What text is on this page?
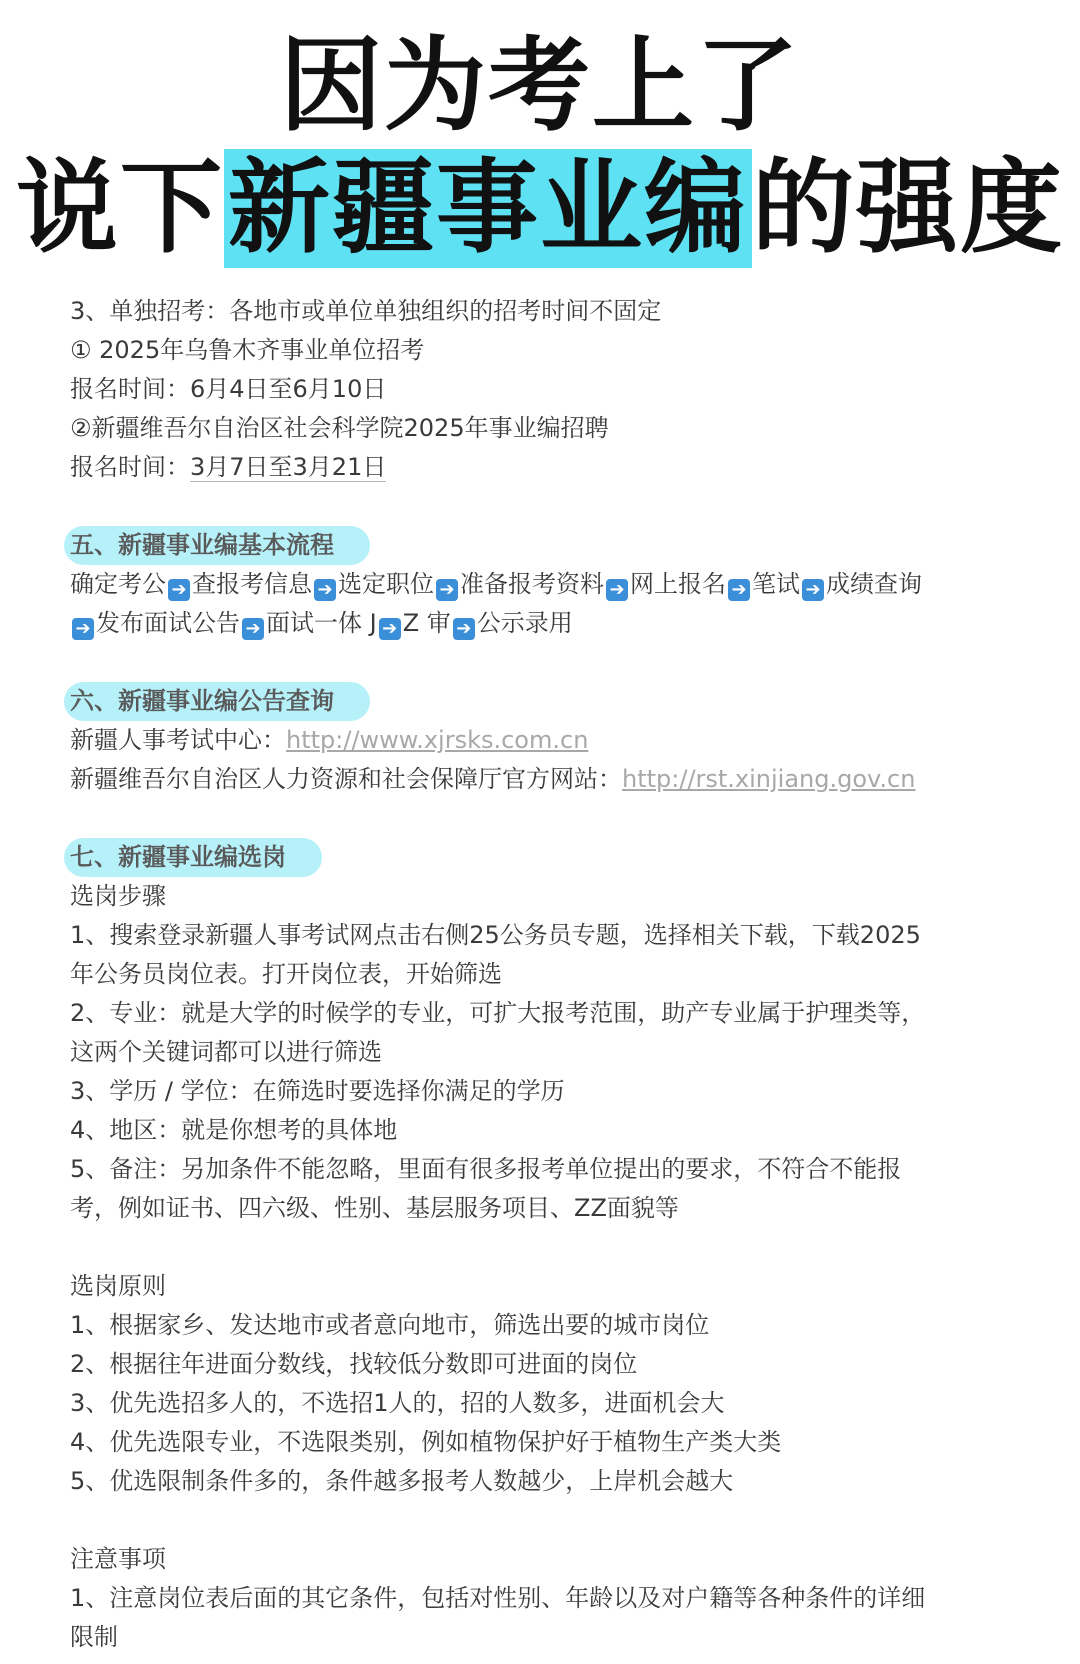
因为考上了
说下新疆事业编的强度
3、单独招考：各地市或单位单独组织的招考时间不固定
① 2025年乌鲁木齐事业单位招考
报名时间：6月4日至6月10日
②新疆维吾尔自治区社会科学院2025年事业编招聘
报名时间：3月7日至3月21日
五、新疆事业编基本流程
确定考公 ➔ 查报考信息 ➔ 选定职位 ➔ 准备报考资料 ➔ 网上报名 ➔ 笔试 ➔ 成绩查询
➔ 发布面试公告 ➔ 面试一体 J ➔ Z 审 ➔ 公示录用
六、新疆事业编公告查询
新疆人事考试中心：http://www.xjrsks.com.cn
新疆维吾尔自治区人力资源和社会保障厅官方网站：http://rst.xinjiang.gov.cn
七、新疆事业编选岗
选岗步骤
1、搜索登录新疆人事考试网点击右侧25公务员专题，选择相关下载，下载2025
年公务员岗位表。打开岗位表，开始筛选
2、专业：就是大学的时候学的专业，可扩大报考范围，助产专业属于护理类等，
这两个关键词都可以进行筛选
3、学历 / 学位：在筛选时要选择你满足的学历
4、地区：就是你想考的具体地
5、备注：另加条件不能忽略，里面有很多报考单位提出的要求，不符合不能报
考，例如证书、四六级、性别、基层服务项目、ZZ面貌等
选岗原则
1、根据家乡、发达地市或者意向地市，筛选出要的城市岗位
2、根据往年进面分数线，找较低分数即可进面的岗位
3、优先选招多人的，不选招1人的，招的人数多，进面机会大
4、优先选限专业，不选限类别，例如植物保护好于植物生产类大类
5、优选限制条件多的，条件越多报考人数越少，上岸机会越大
注意事项
1、注意岗位表后面的其它条件，包括对性别、年龄以及对户籍等各种条件的详细
限制
